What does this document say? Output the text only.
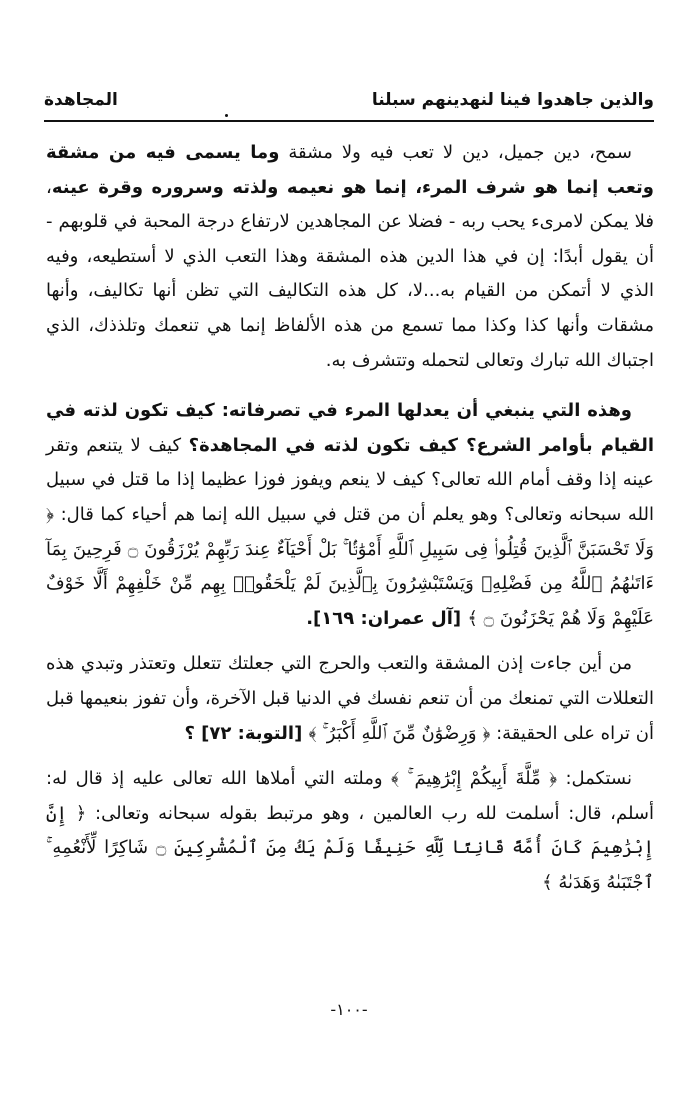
والذين جاهدوا فينا لنهدينهم سبلنا
المجاهدة

سمح، دين جميل، دين لا تعب فيه ولا مشقة وما يسمى فيه من مشقة وتعب إنما هو شرف المرء، إنما هو نعيمه ولذته وسروره وقرة عينه، فلا يمكن لامرىء يحب ربه - فضلا عن المجاهدين لارتفاع درجة المحبة في قلوبهم - أن يقول أبدًا: إن في هذا الدين هذه المشقة وهذا التعب الذي لا أستطيعه، وفيه الذي لا أتمكن من القيام به...لا، كل هذه التكاليف التي تظن أنها تكاليف، وأنها مشقات وأنها كذا وكذا مما تسمع من هذه الألفاظ إنما هي تنعمك وتلذذك، الذي اجتباك الله تبارك وتعالى لتحمله وتتشرف به.

وهذه التي ينبغي أن يعدلها المرء في تصرفاته: كيف تكون لذته في القيام بأوامر الشرع؟ كيف تكون لذته في المجاهدة؟ كيف لا يتنعم وتقر عينه إذا وقف أمام الله تعالى؟ كيف لا ينعم ويفوز فوزا عظيما إذا ما قتل في سبيل الله سبحانه وتعالى؟ وهو يعلم أن من قتل في سبيل الله إنما هم أحياء كما قال: ﴿ وَلَا تَحْسَبَنَّ ٱلَّذِينَ قُتِلُوا۟ فِى سَبِيلِ ٱللَّهِ أَمْوَٰتًۢا ۚ بَلْ أَحْيَآءٌ عِندَ رَبِّهِمْ يُرْزَقُونَ ۝ فَرِحِينَ بِمَآ ءَاتَىٰهُمُ ٱللَّهُ مِن فَضْلِهِۦ وَيَسْتَبْشِرُونَ بِٱلَّذِينَ لَمْ يَلْحَقُوا۟ بِهِم مِّنْ خَلْفِهِمْ أَلَّا خَوْفٌ عَلَيْهِمْ وَلَا هُمْ يَحْزَنُونَ ۝ ﴾ [آل عمران: ١٦٩].

من أين جاءت إذن المشقة والتعب والحرج التي جعلتك تتعلل وتعتذر وتبدي هذه التعللات التي تمنعك من أن تنعم نفسك في الدنيا قبل الآخرة، وأن تفوز بنعيمها قبل أن تراه على الحقيقة: ﴿ وَرِضْوَٰنٌ مِّنَ ٱللَّهِ أَكْبَرُ ۚ ﴾ [التوبة: ٧٢] ؟

نستكمل: ﴿ مِّلَّةَ أَبِيكُمْ إِبْرَٰهِيمَ ۚ ﴾ وملته التي أملاها الله تعالى عليه إذ قال له: أسلم، قال: أسلمت لله رب العالمين ، وهو مرتبط بقوله سبحانه وتعالى: ﴿ إِنَّ إِبْرَٰهِيمَ كَانَ أُمَّةً قَانِتًا لِّلَّهِ حَنِيفًا وَلَمْ يَكُ مِنَ ٱلْمُشْرِكِينَ ۝ شَاكِرًا لِّأَنْعُمِهِ ۚ ٱجْتَبَىٰهُ وَهَدَىٰهُ ﴾

-١٠٠-
